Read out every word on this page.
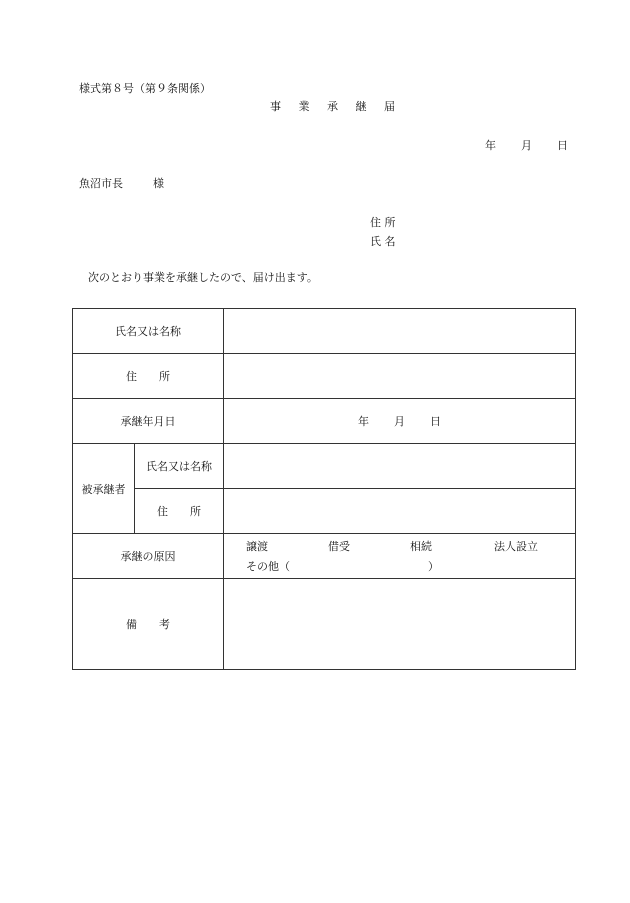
様式第８号（第９条関係）
事 業 承 継 届
年 月 日
魚沼市長	様
住 所
氏 名
次のとおり事業を承継したので、届け出ます。
氏名又は名称		
住　　所		
承継年月日		年 月 日
被承継者	氏名又は名称	
	住　　所	
承継の原因		譲渡 借受 相続 法人設立
その他（ ）

備　　考		
